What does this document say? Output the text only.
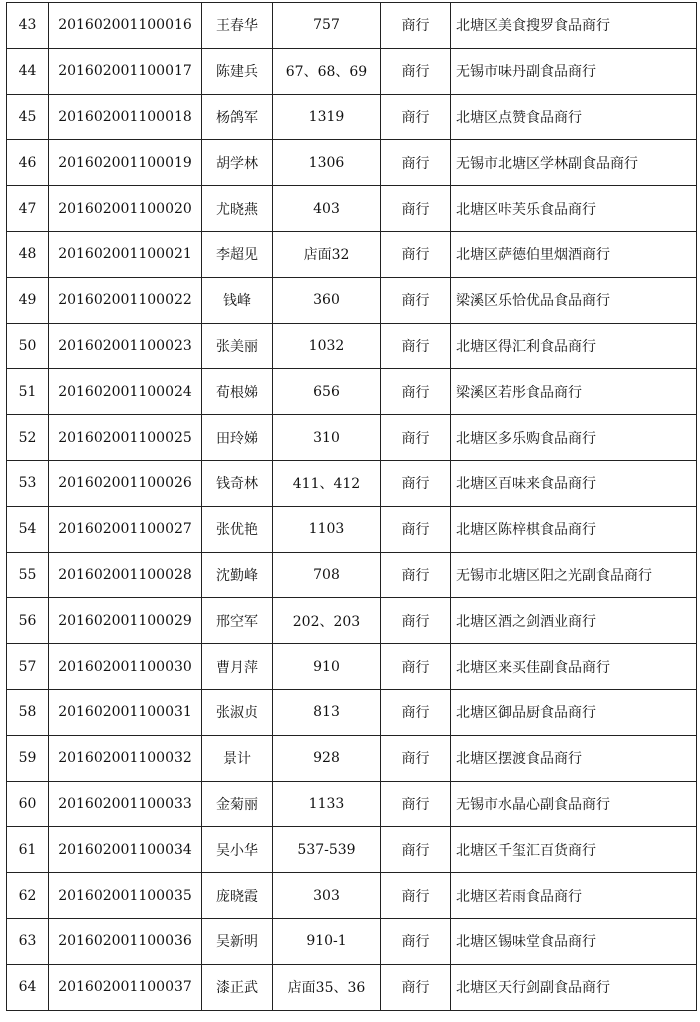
43	201602001100016	王春华	757	商行	北塘区美食搜罗食品商行
44	201602001100017	陈建兵	67、68、69	商行	无锡市味丹副食品商行
45	201602001100018	杨鸽军	1319	商行	北塘区点赞食品商行
46	201602001100019	胡学林	1306	商行	无锡市北塘区学林副食品商行
47	201602001100020	尤晓燕	403	商行	北塘区咔芙乐食品商行
48	201602001100021	李超见	店面32	商行	北塘区萨德伯里烟酒商行
49	201602001100022	钱峰	360	商行	梁溪区乐恰优品食品商行
50	201602001100023	张美丽	1032	商行	北塘区得汇利食品商行
51	201602001100024	荀根娣	656	商行	梁溪区若彤食品商行
52	201602001100025	田玲娣	310	商行	北塘区多乐购食品商行
53	201602001100026	钱奇林	411、412	商行	北塘区百味来食品商行
54	201602001100027	张优艳	1103	商行	北塘区陈梓棋食品商行
55	201602001100028	沈勤峰	708	商行	无锡市北塘区阳之光副食品商行
56	201602001100029	邢空军	202、203	商行	北塘区酒之剑酒业商行
57	201602001100030	曹月萍	910	商行	北塘区来买佳副食品商行
58	201602001100031	张淑贞	813	商行	北塘区御品厨食品商行
59	201602001100032	景计	928	商行	北塘区摆渡食品商行
60	201602001100033	金菊丽	1133	商行	无锡市水晶心副食品商行
61	201602001100034	吴小华	537-539	商行	北塘区千玺汇百货商行
62	201602001100035	庞晓霞	303	商行	北塘区若雨食品商行
63	201602001100036	吴新明	910-1	商行	北塘区锡味堂食品商行
64	201602001100037	漆正武	店面35、36	商行	北塘区天行剑副食品商行
